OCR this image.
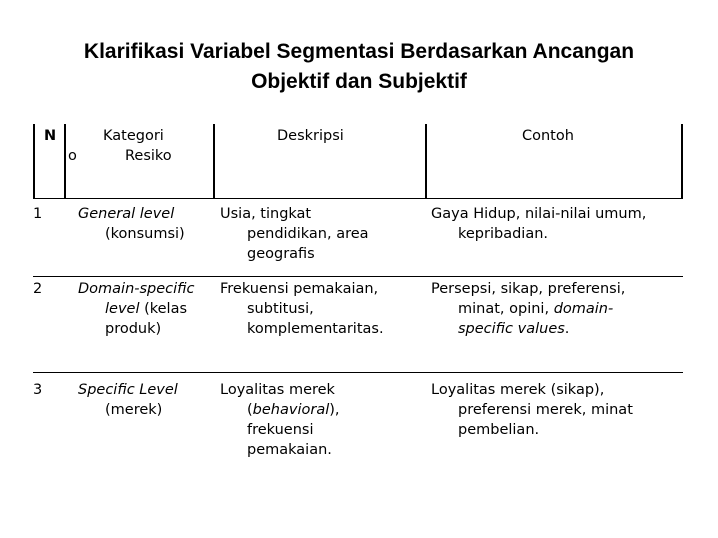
Klarifikasi Variabel Segmentasi Berdasarkan Ancangan
Objektif dan Subjektif
N
o
Kategori
Resiko
Deskripsi	Contoh
1 General level
(konsumsi)
Usia, tingkat
pendidikan, area
geografis
Gaya Hidup, nilai-nilai umum,
kepribadian.
2 Domain-specific
level (kelas
produk)
Frekuensi pemakaian,
subtitusi,
komplementaritas.
Persepsi, sikap, preferensi,
minat, opini, domain-
specific values.
3 Specific Level
(merek)
Loyalitas merek
(behavioral),
frekuensi
pemakaian.
Loyalitas merek (sikap),
preferensi merek, minat
pembelian.
